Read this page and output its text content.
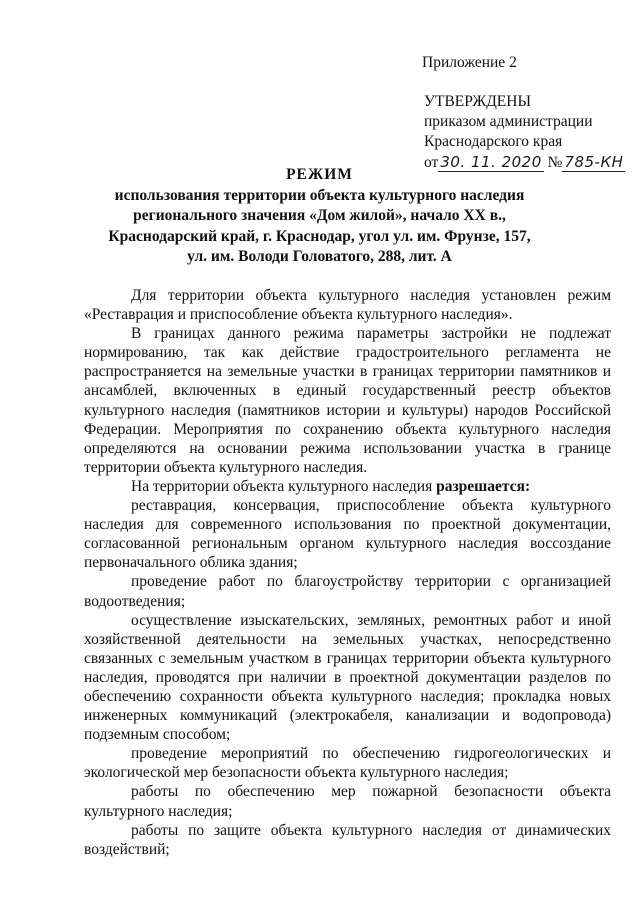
Приложение 2
УТВЕРЖДЕНЫ
приказом администрации
Краснодарского края
от 30. 11. 2020 № 785-КН
РЕЖИМ
использования территории объекта культурного наследия
регионального значения «Дом жилой», начало XX в.,
Краснодарский край, г. Краснодар, угол ул. им. Фрунзе, 157,
ул. им. Володи Головатого, 288, лит. А

Для территории объекта культурного наследия установлен режим «Реставрация и приспособление объекта культурного наследия».

В границах данного режима параметры застройки не подлежат нормированию, так как действие градостроительного регламента не распространяется на земельные участки в границах территории памятников и ансамблей, включенных в единый государственный реестр объектов культурного наследия (памятников истории и культуры) народов Российской Федерации. Мероприятия по сохранению объекта культурного наследия определяются на основании режима использовании участка в границе территории объекта культурного наследия.

На территории объекта культурного наследия разрешается:

реставрация, консервация, приспособление объекта культурного наследия для современного использования по проектной документации, согласованной региональным органом культурного наследия воссоздание первоначального облика здания;

проведение работ по благоустройству территории с организацией водоотведения;

осуществление изыскательских, земляных, ремонтных работ и иной хозяйственной деятельности на земельных участках, непосредственно связанных с земельным участком в границах территории объекта культурного наследия, проводятся при наличии в проектной документации разделов по обеспечению сохранности объекта культурного наследия; прокладка новых инженерных коммуникаций (электрокабеля, канализации и водопровода) подземным способом;

проведение мероприятий по обеспечению гидрогеологических и экологической мер безопасности объекта культурного наследия;

работы по обеспечению мер пожарной безопасности объекта культурного наследия;

работы по защите объекта культурного наследия от динамических воздействий;
